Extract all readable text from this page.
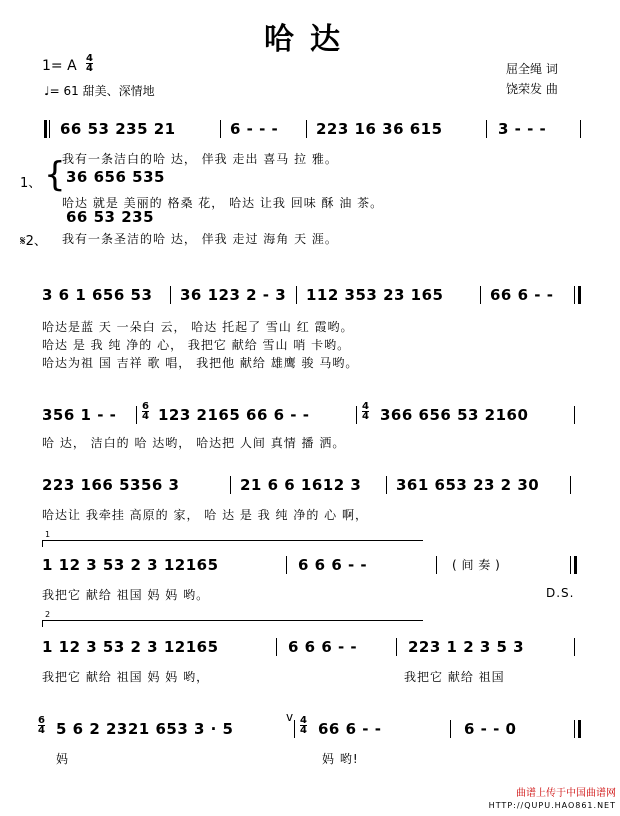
哈达
1= A 4
4
♩= 61 甜美、深情地
屈全绳 词
饶荣发 曲
66 53 235 21	6 - - -	223 16 36 615	3 - - -
我有一条洁白的哈 达， 伴我 走出 喜马 拉 雅。
1、 { 36 656 535
哈达 就是 美丽的 格桑 花， 哈达 让我 回味 酥 油 茶。
66 53 235
𝄋2、 我有一条圣洁的哈 达， 伴我 走过 海角 天 涯。
3 6 1 656 53 36 123 2 - 3 112 353 23 165	66 6 - -
哈达是蓝 天 一朵白 云， 哈达 托起了 雪山 红 霞哟。
哈达 是 我 纯 净的 心， 我把它 献给 雪山 哨 卡哟。
哈达为祖 国 吉祥 歌 唱， 我把他 献给 雄鹰 骏 马哟。
356 1 - -	6
4 123 2165 66 6 - -	4
4 366 656 53 2160
哈 达， 洁白的 哈 达哟， 哈达把 人间 真情 播 洒。
223 166 5356 3	21 6 6 1612 3 361 653 23 2 30
哈达让 我牵挂 高原的 家， 哈 达 是 我 纯 净的 心 啊，
1
1 12 3 53 2 3 12165	6 6 6 - -	( 间 奏 )
我把它 献给 祖国 妈 妈 哟。	D.S.
2
1 12 3 53 2 3 12165	6 6 6 - -	223 1 2 3 5 3
我把它 献给 祖国 妈 妈 哟，	我把它 献给 祖国
6
4 5 6 2 2321 653 3 · 5
v 4
4 66 6 - -	6 - - 0
妈	妈 哟!
曲谱上传于中国曲谱网
HTTP://QUPU.HAO861.NET
